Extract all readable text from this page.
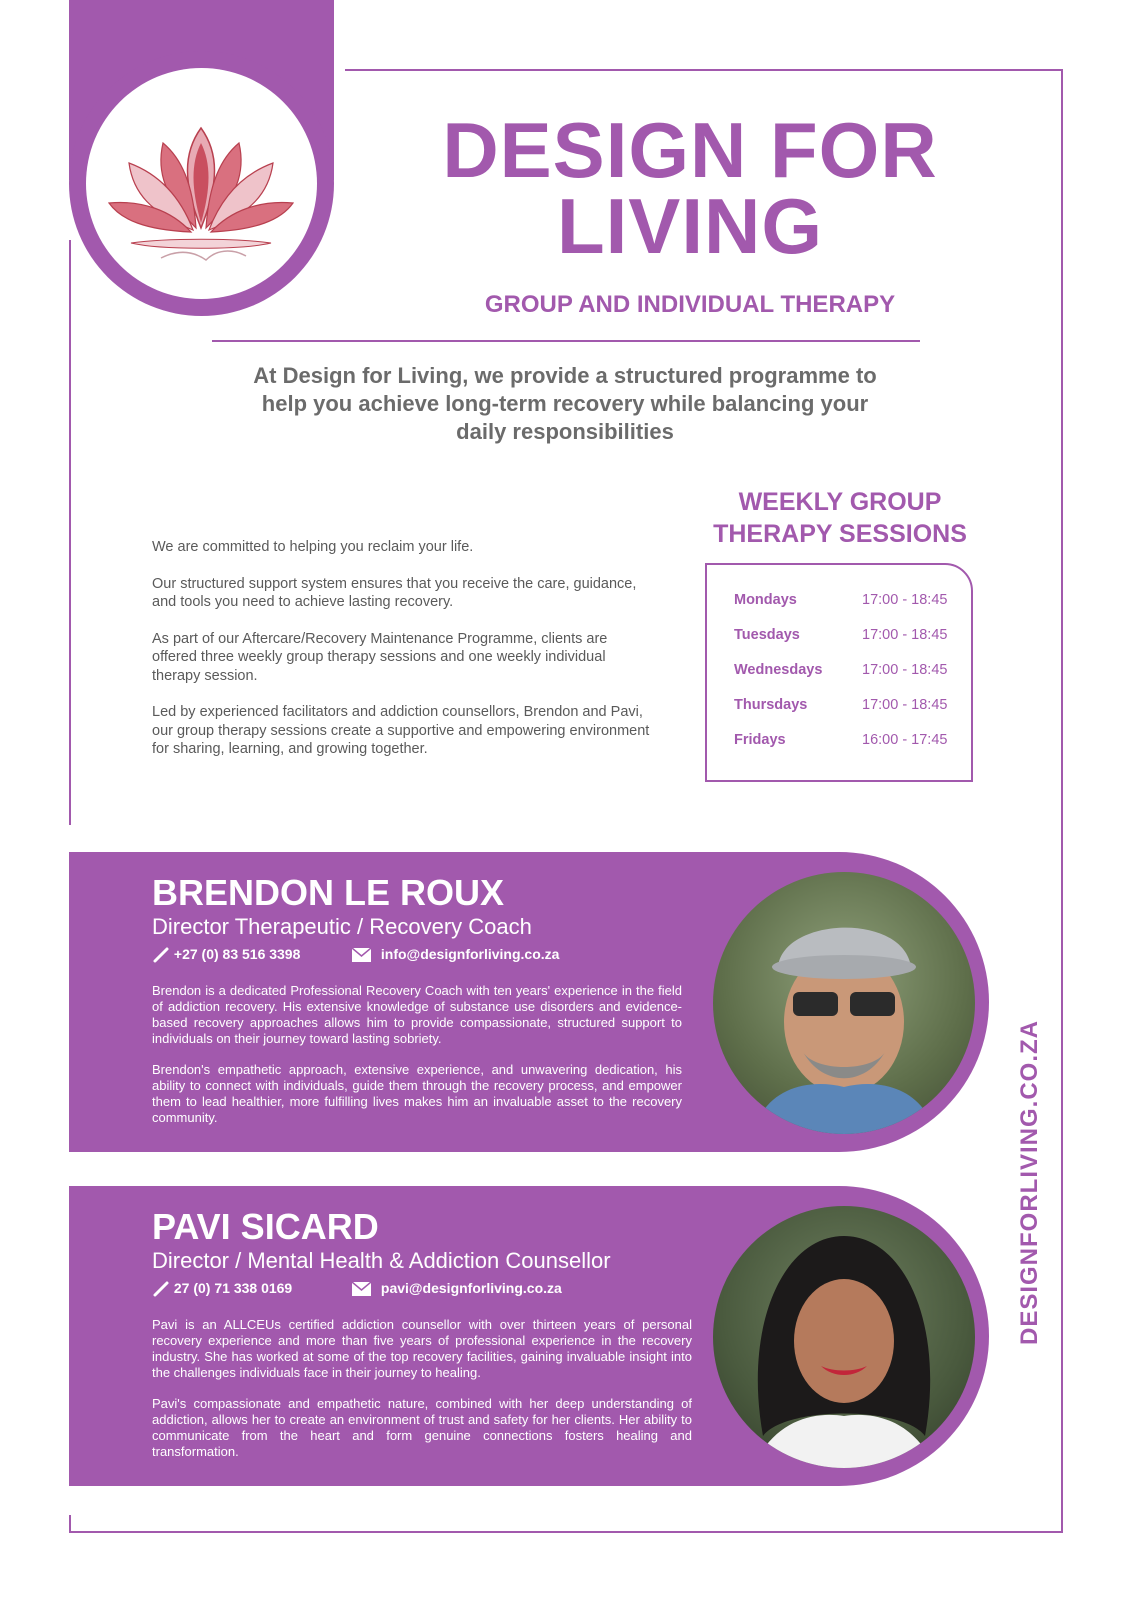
DESIGN FOR
LIVING
GROUP AND INDIVIDUAL THERAPY
At Design for Living, we provide a structured programme to help you achieve long-term recovery while balancing your daily responsibilities

We are committed to helping you reclaim your life.

Our structured support system ensures that you receive the care, guidance, and tools you need to achieve lasting recovery.

As part of our Aftercare/Recovery Maintenance Programme, clients are offered three weekly group therapy sessions and one weekly individual therapy session.

Led by experienced facilitators and addiction counsellors, Brendon and Pavi, our group therapy sessions create a supportive and empowering environment for sharing, learning, and growing together.

WEEKLY GROUP
THERAPY SESSIONS
Mondays	17:00 - 18:45
Tuesdays	17:00 - 18:45
Wednesdays	17:00 - 18:45
Thursdays	17:00 - 18:45
Fridays	16:00 - 17:45
BRENDON LE ROUX
Director Therapeutic / Recovery Coach
+27 (0) 83 516 3398	info@designforliving.co.za

Brendon is a dedicated Professional Recovery Coach with ten years' experience in the field of addiction recovery. His extensive knowledge of substance use disorders and evidence-based recovery approaches allows him to provide compassionate, structured support to individuals on their journey toward lasting sobriety.

Brendon's empathetic approach, extensive experience, and unwavering dedication, his ability to connect with individuals, guide them through the recovery process, and empower them to lead healthier, more fulfilling lives makes him an invaluable asset to the recovery community.

PAVI SICARD
Director / Mental Health & Addiction Counsellor
27 (0) 71 338 0169	pavi@designforliving.co.za

Pavi is an ALLCEUs certified addiction counsellor with over thirteen years of personal recovery experience and more than five years of professional experience in the recovery industry. She has worked at some of the top recovery facilities, gaining invaluable insight into the challenges individuals face in their journey to healing.

Pavi's compassionate and empathetic nature, combined with her deep understanding of addiction, allows her to create an environment of trust and safety for her clients. Her ability to communicate from the heart and form genuine connections fosters healing and transformation.

DESIGNFORLIVING.CO.ZA
